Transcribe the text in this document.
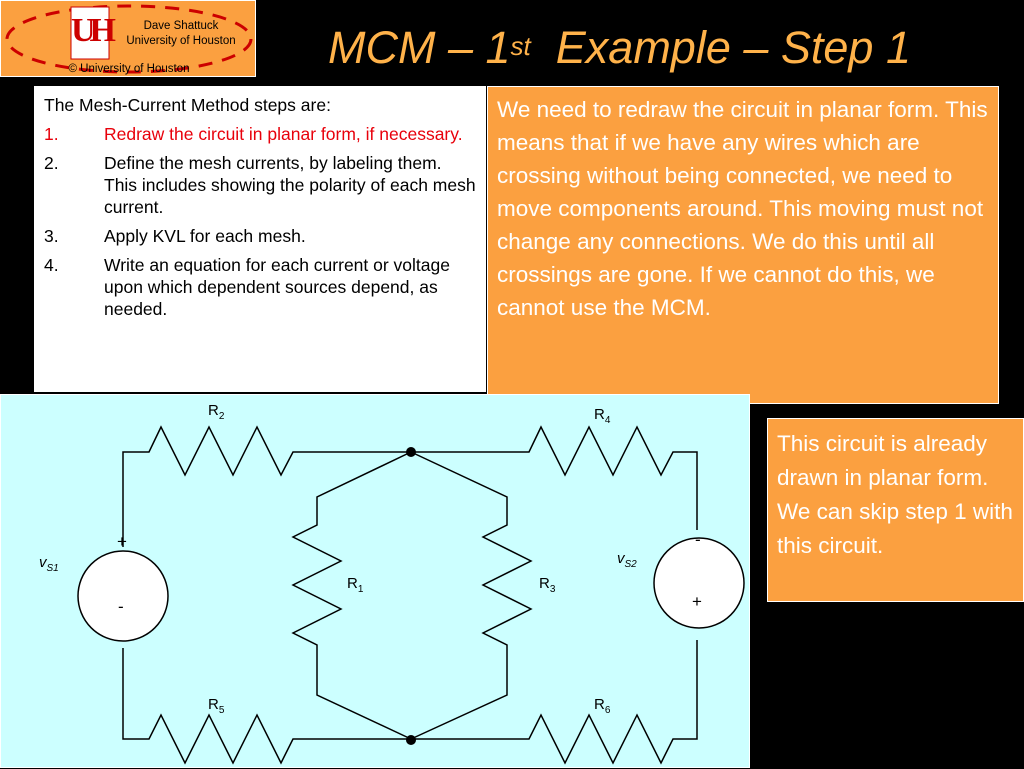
UH	Dave Shattuck
University of Houston
© University of Houston	MCM – 1st Example – Step 1
The Mesh-Current Method steps are:
1.	Redraw the circuit in planar form, if necessary.
2.	Define the mesh currents, by labeling them. This includes showing the polarity of each mesh current.
3.	Apply KVL for each mesh.
4.	Write an equation for each current or voltage upon which dependent sources depend, as needed.
We need to redraw the circuit in planar form. This means that if we have any wires which are crossing without being connected, we need to move components around. This moving must not change any connections. We do this until all crossings are gone. If we cannot do this, we cannot use the MCM.
This circuit is already drawn in planar form. We can skip step 1 with this circuit.
$R_2$	$R_4$
$R_1$	$R_3$
$R_5$	$R_6$
$v_{S1}$
$v_{S2}$
+
-
-
+
